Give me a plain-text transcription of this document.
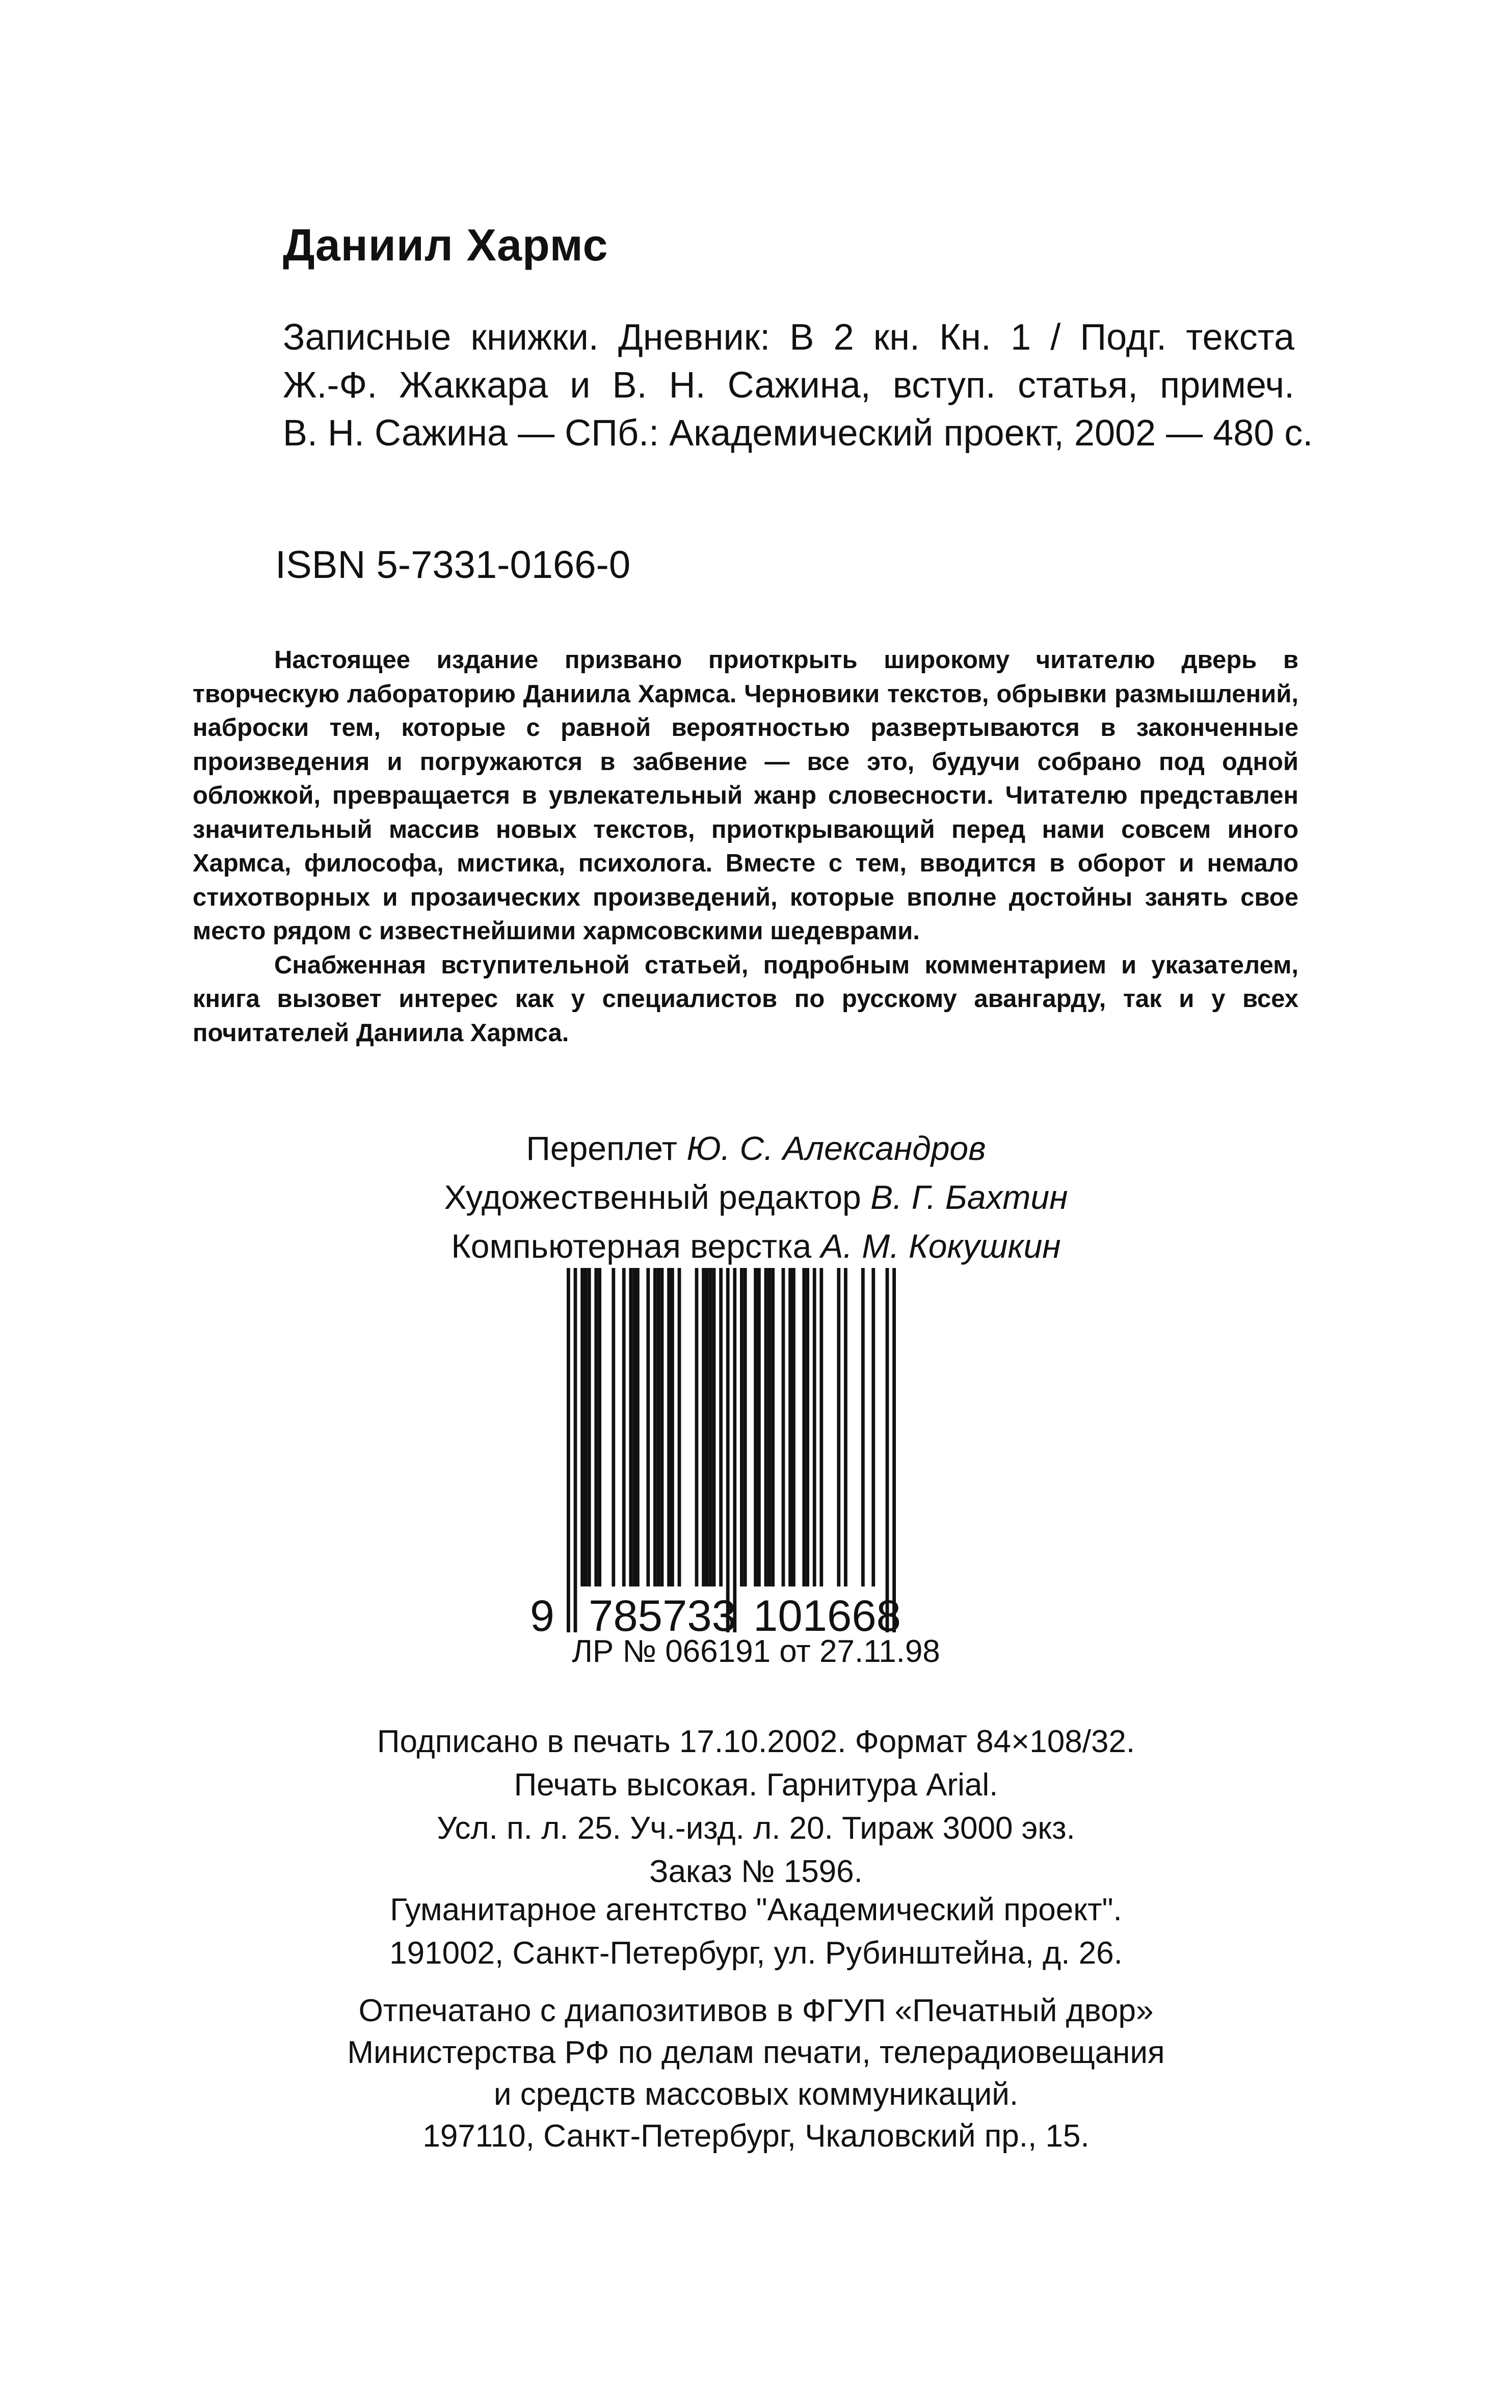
Даниил Хармс
Записные книжки. Дневник: В 2 кн. Кн. 1 / Подг. текста
Ж.-Ф. Жаккара и В. Н. Сажина, вступ. статья, примеч.
В. Н. Сажина — СПб.: Академический проект, 2002 — 480 с.
ISBN 5-7331-0166-0

Настоящее издание призвано приоткрыть широкому читателю дверь в творческую лабораторию Даниила Хармса. Черновики текстов, обрывки размышлений, наброски тем, которые с равной вероятностью развертываются в законченные произведения и погружаются в забвение — все это, будучи собрано под одной обложкой, превращается в увлекательный жанр словесности. Читателю представлен значительный массив новых текстов, приоткрывающий перед нами совсем иного Хармса, философа, мистика, психолога. Вместе с тем, вводится в оборот и немало стихотворных и прозаических произведений, которые вполне достойны занять свое место рядом с известнейшими хармсовскими шедеврами.

Снабженная вступительной статьей, подробным комментарием и указателем, книга вызовет интерес как у специалистов по русскому авангарду, так и у всех почитателей Даниила Хармса.

Переплет Ю. С. Александров
Художественный редактор В. Г. Бахтин
Компьютерная верстка А. М. Кокушкин
9 785733 101668
ЛР № 066191 от 27.11.98
Подписано в печать 17.10.2002. Формат 84×108/32.
Печать высокая. Гарнитура Arial.
Усл. п. л. 25. Уч.-изд. л. 20. Тираж 3000 экз.
Заказ № 1596.
Гуманитарное агентство "Академический проект".
191002, Санкт-Петербург, ул. Рубинштейна, д. 26.
Отпечатано с диапозитивов в ФГУП «Печатный двор»
Министерства РФ по делам печати, телерадиовещания
и средств массовых коммуникаций.
197110, Санкт-Петербург, Чкаловский пр., 15.
